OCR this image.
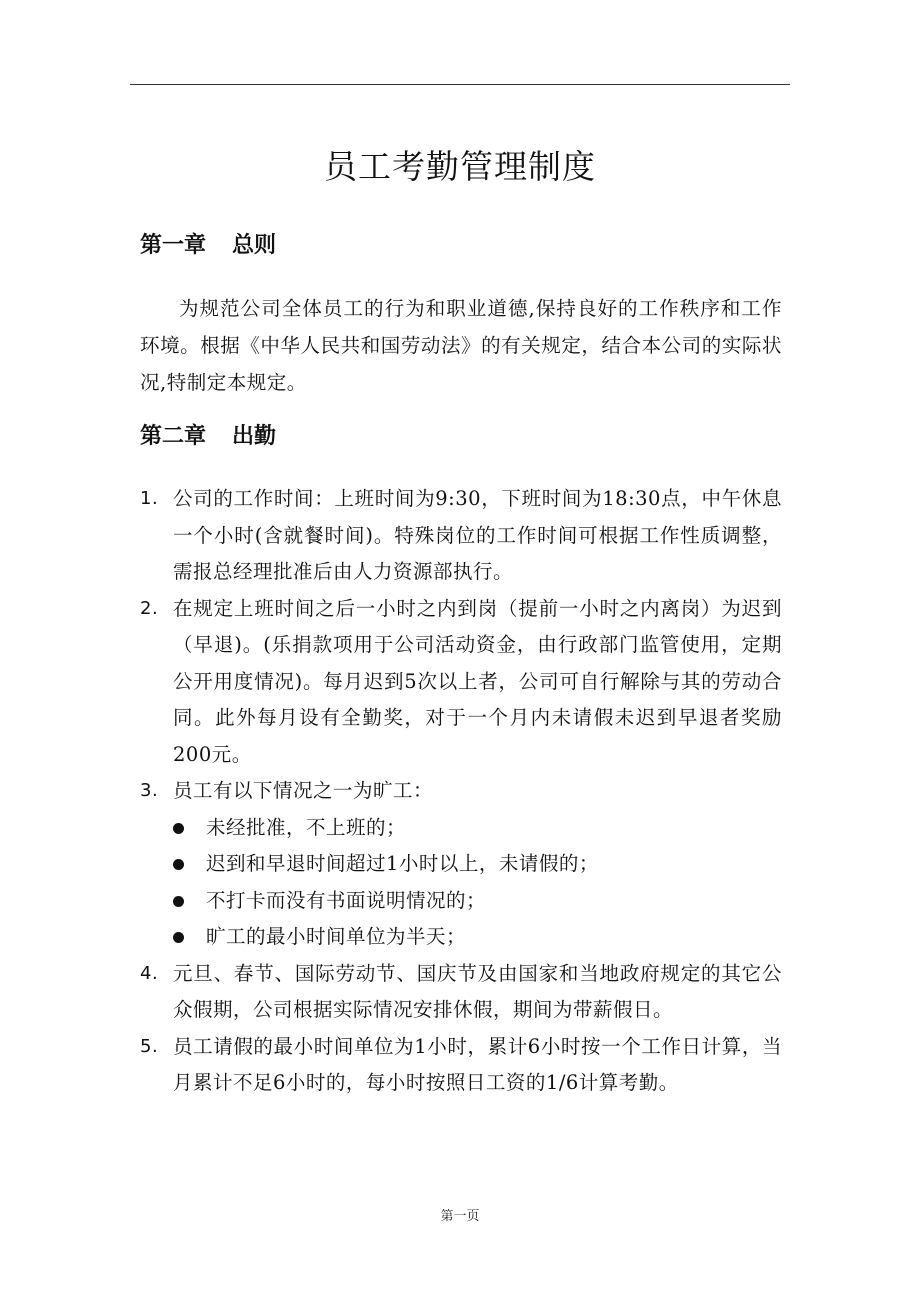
员工考勤管理制度
第一章 总则

为规范公司全体员工的行为和职业道德,保持良好的工作秩序和工作环境。根据《中华人民共和国劳动法》的有关规定，结合本公司的实际状况,特制定本规定。

第二章 出勤
1. 公司的工作时间：上班时间为9:30，下班时间为18:30点，中午休息一个小时(含就餐时间)。特殊岗位的工作时间可根据工作性质调整，需报总经理批准后由人力资源部执行。
2. 在规定上班时间之后一小时之内到岗（提前一小时之内离岗）为迟到（早退)。(乐捐款项用于公司活动资金，由行政部门监管使用，定期公开用度情况)。每月迟到5次以上者，公司可自行解除与其的劳动合同。此外每月设有全勤奖，对于一个月内未请假未迟到早退者奖励200元。
3. 员工有以下情况之一为旷工：
未经批准，不上班的；
迟到和早退时间超过1小时以上，未请假的；
不打卡而没有书面说明情况的；
旷工的最小时间单位为半天；
4. 元旦、春节、国际劳动节、国庆节及由国家和当地政府规定的其它公众假期，公司根据实际情况安排休假，期间为带薪假日。
5. 员工请假的最小时间单位为1小时，累计6小时按一个工作日计算，当月累计不足6小时的，每小时按照日工资的1/6计算考勤。
第一页
